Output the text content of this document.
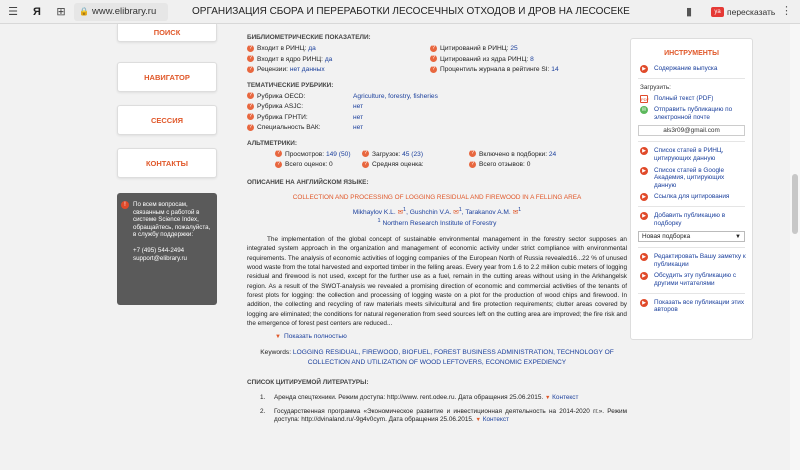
☰ Я ⊞ 🔒 www.elibrary.ru	ОРГАНИЗАЦИЯ СБОРА И ПЕРЕРАБОТКИ ЛЕСОСЕЧНЫХ ОТХОДОВ И ДРОВ НА ЛЕСОСЕКЕ	▮	ya пересказать ⋮
ПОИСК
НАВИГАТОР
СЕССИЯ
КОНТАКТЫ
!	По всем вопросам, связанным с работой в системе Science Index, обращайтесь, пожалуйста, в службу поддержки:
+7 (495) 544-2494
support@elibrary.ru
БИБЛИОМЕТРИЧЕСКИЕ ПОКАЗАТЕЛИ:
? Входит в РИНЦ: да	? Цитирований в РИНЦ: 25
? Входит в ядро РИНЦ: да	? Цитирований из ядра РИНЦ: 8
? Рецензии: нет данных	? Процентиль журнала в рейтинге SI: 14
ТЕМАТИЧЕСКИЕ РУБРИКИ:
? Рубрика OECD:	Agriculture, forestry, fisheries
? Рубрика ASJC:	нет
? Рубрика ГРНТИ:	нет
? Специальность ВАК:	нет
АЛЬТМЕТРИКИ:
? Просмотров: 149 (50)	? Загрузок: 45 (23)	? Включено в подборки: 24
? Всего оценок: 0	? Средняя оценка:	? Всего отзывов: 0
ОПИСАНИЕ НА АНГЛИЙСКОМ ЯЗЫКЕ:
COLLECTION AND PROCESSING OF LOGGING RESIDUAL AND FIREWOOD IN A FELLING AREA
Mikhaylov K.L. ✉$^1$, Gushchin V.A. ✉$^1$, Tarakanov A.M. ✉$^1$
$^1$ Northern Research Institute of Forestry
The implementation of the global concept of sustainable environmental management in the forestry sector supposes an integrated system approach in the organization and management of economic activity under strict compliance with environmental requirements. The analysis of economic activities of logging companies of the European North of Russia revealed16...22 % of unused wood waste from the total harvested and exported timber in the felling areas. Every year from 1.6 to 2.2 million cubic meters of logging residual and firewood is not used, except for the further use as a fuel, remain in the cutting areas without using in the Arkhangelsk region. As a result of the SWOT-analysis we revealed a promising direction of economic and commercial activities of the tenants of forest plots for logging: the collection and processing of logging waste on a plot for the production of wood chips and firewood. In addition, the collecting and recycling of raw materials meets silvicultural and fire protection requirements; clutter areas covered by logging are eliminated; the conditions for natural regeneration from seed sources left on the cutting area are improved; the fire risk and the emergence of forest pest centers are reduced...
▼ Показать полностью
Keywords: LOGGING RESIDUAL, FIREWOOD, BIOFUEL, FOREST BUSINESS ADMINISTRATION, TECHNOLOGY OF COLLECTION AND UTILIZATION OF WOOD LEFTOVERS, ECONOMIC EXPEDIENCY
СПИСОК ЦИТИРУЕМОЙ ЛИТЕРАТУРЫ:
1. Аренда спецтехники. Режим доступа: http://www. rent.odee.ru. Дата обращения 25.06.2015. ▼ Контекст
2. Государственная программа «Экономическое развитие и инвестиционная деятельность на 2014-2020 гг.». Режим доступа: http://dvinaland.ru/-9g4v0cym. Дата обращения 25.06.2015. ▼ Контекст
ИНСТРУМЕНТЫ
▶	Содержание выпуска
Загрузить:
PDF Полный текст (PDF)
✉ Отправить публикацию по электронной почте
als3r09@gmail.com
▶	Список статей в РИНЦ, цитирующих данную
▶	Список статей в Google Академия, цитирующих данную
▶	Ссылка для цитирования
▶	Добавить публикацию в подборку
Новая подборка	▼
▶	Редактировать Вашу заметку к публикации
▶	Обсудить эту публикацию с другими читателями
▶	Показать все публикации этих авторов
